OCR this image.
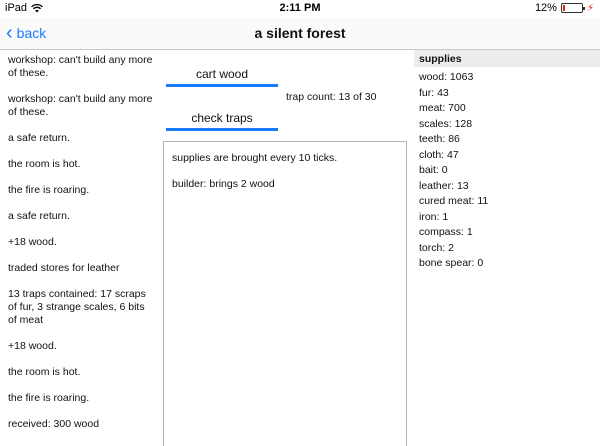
iPad	2:11 PM	12%	⚡
‹ back	a silent forest

workshop: can't build any more of these.

workshop: can't build any more of these.

a safe return.

the room is hot.

the fire is roaring.

a safe return.

+18 wood.

traded stores for leather

13 traps contained: 17 scraps of fur, 3 strange scales, 6 bits of meat

+18 wood.

the room is hot.

the fire is roaring.

received: 300 wood

cart wood
check traps
trap count: 13 of 30

supplies are brought every 10 ticks.

builder: brings 2 wood

supplies
wood: 1063
fur: 43
meat: 700
scales: 128
teeth: 86
cloth: 47
bait: 0
leather: 13
cured meat: 11
iron: 1
compass: 1
torch: 2
bone spear: 0
